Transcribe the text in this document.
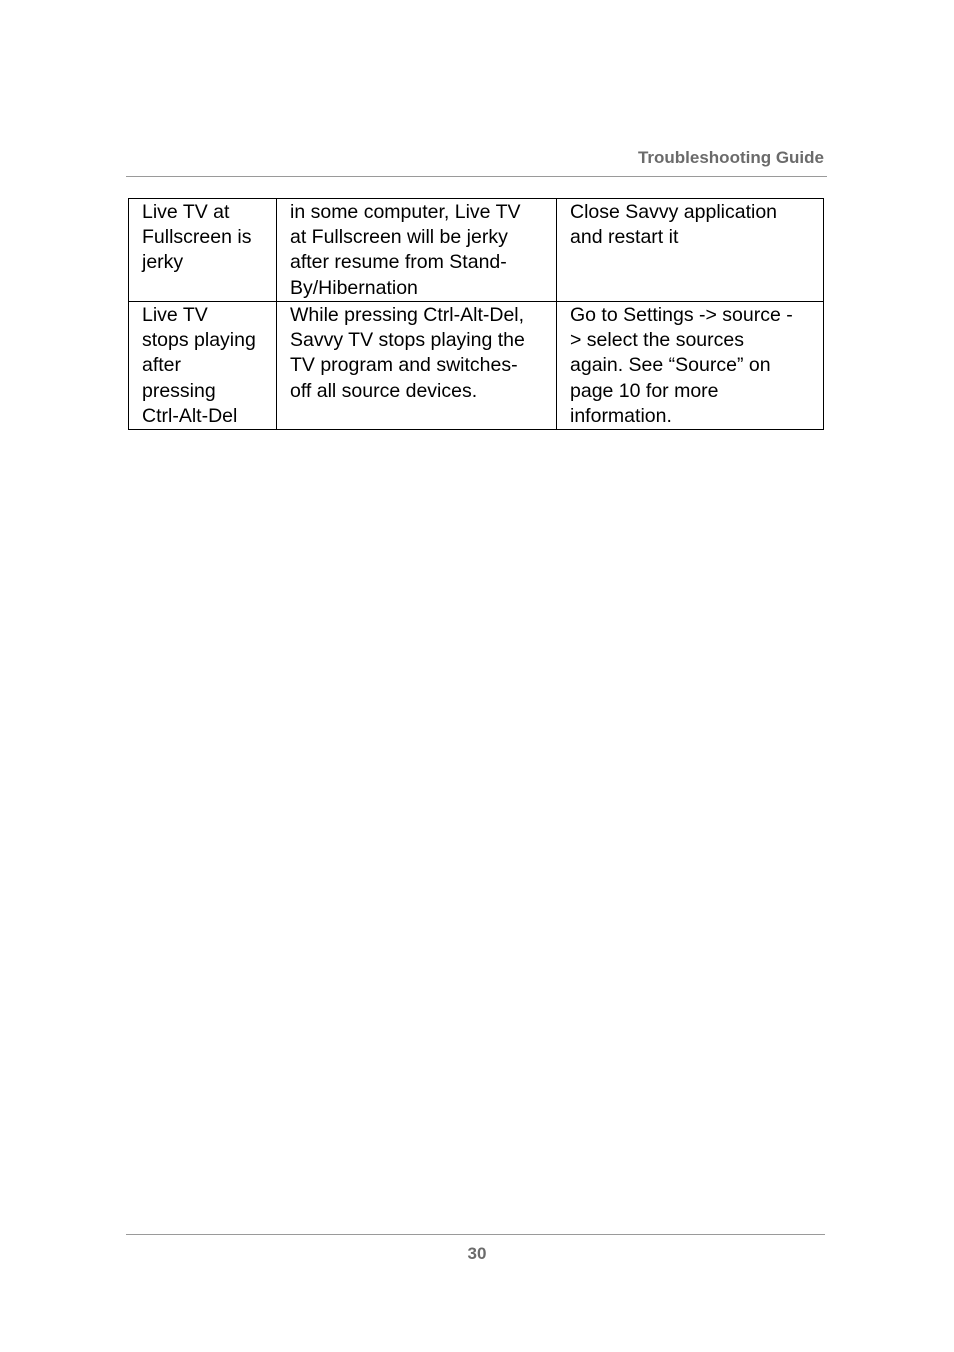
Troubleshooting Guide
Live TV at
Fullscreen is
jerky	in some computer, Live TV
at Fullscreen will be jerky
after resume from Stand-
By/Hibernation	Close Savvy application
and restart it

Live TV
stops playing
after
pressing
Ctrl-Alt-Del	While pressing Ctrl-Alt-Del,
Savvy TV stops playing the
TV program and switches-
off all source devices.	Go to Settings -> source -
> select the sources
again. See “Source” on
page 10 for more
information.
30
